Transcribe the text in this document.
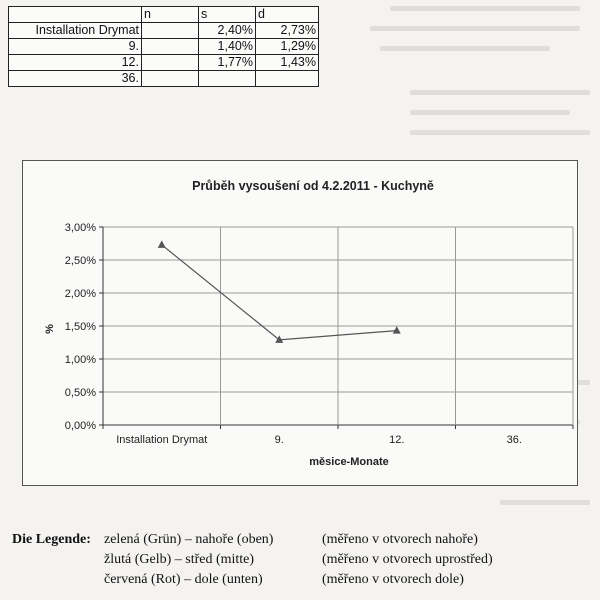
	n	s	d
Installation Drymat		2,40%	2,73%
9.		1,40%	1,29%
12.		1,77%	1,43%
36.			
Průběh vysoušení od 4.2.2011 - Kuchyně
%
měsice-Monate
0,00%
0,50%
1,00%
1,50%
2,00%
2,50%
3,00%
Installation Drymat	9.	12.	36.
Die Legende: zelená (Grün) – nahoře (oben)	(měřeno v otvorech nahoře)
žlutá (Gelb) – střed (mitte)	(měřeno v otvorech uprostřed)
červená (Rot) – dole (unten)	(měřeno v otvorech dole)
